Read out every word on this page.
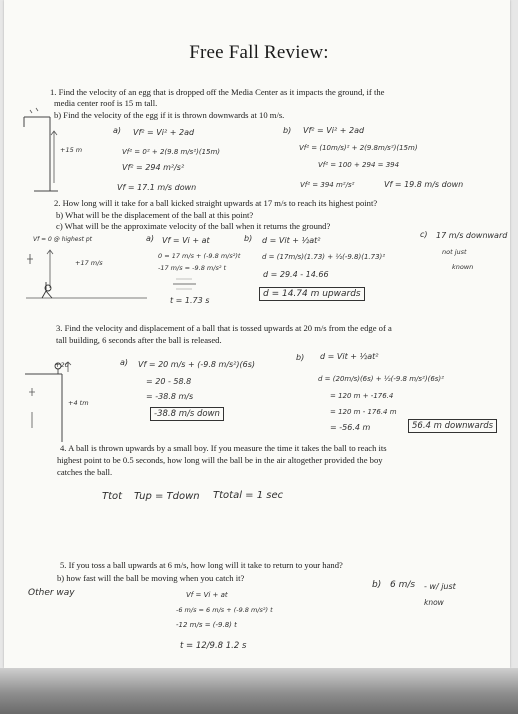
Free Fall Review:
1. Find the velocity of an egg that is dropped off the Media Center as it impacts the ground, if the
media center roof is 15 m tall.
b) Find the velocity of the egg if it is thrown downwards at 10 m/s.
a) Vf² = Vi² + 2ad
Vf² = 0² + 2(9.8 m/s²)(15m)
Vf² = 294 m²/s²
Vf = 17.1 m/s down
b) Vf² = Vi² + 2ad
Vf² = (10m/s)² + 2(9.8m/s²)(15m)
Vf² = 100 + 294 = 394
Vf² = 394 m²/s²	Vf = 19.8 m/s down
+15 m
2. How long will it take for a ball kicked straight upwards at 17 m/s to reach its highest point?
b) What will be the displacement of the ball at this point?
c) What will be the approximate velocity of the ball when it returns the ground?
Vf = 0 @ highest pt
+17 m/s
a) Vf = Vi + at
0 = 17 m/s + (-9.8 m/s²)t
-17 m/s = -9.8 m/s² t
t = 1.73 s
b) d = Vit + ½at²
d = (17m/s)(1.73) + ½(-9.8)(1.73)²
d = 29.4 - 14.66
d = 14.74 m upwards
c) 17 m/s downward
not just
known
3. Find the velocity and displacement of a ball that is tossed upwards at 20 m/s from the edge of a
tall building, 6 seconds after the ball is released.
+20
+4 tm
a) Vf = 20 m/s + (-9.8 m/s²)(6s)
= 20 - 58.8
= -38.8 m/s
-38.8 m/s down
b) d = Vit + ½at²
d = (20m/s)(6s) + ½(-9.8 m/s²)(6s)²
= 120 m + -176.4
= 120 m - 176.4 m
= -56.4 m	56.4 m downwards
4. A ball is thrown upwards by a small boy. If you measure the time it takes the ball to reach its
highest point to be 0.5 seconds, how long will the ball be in the air altogether provided the boy
catches the ball.
Ttot Tup = Tdown Ttotal = 1 sec
5. If you toss a ball upwards at 6 m/s, how long will it take to return to your hand?
b) how fast will the ball be moving when you catch it?
Other way	Vf = Vi + at
-6 m/s = 6 m/s + (-9.8 m/s²) t
-12 m/s = (-9.8) t
t = 12/9.8 1.2 s
b) 6 m/s - w/ just
know
